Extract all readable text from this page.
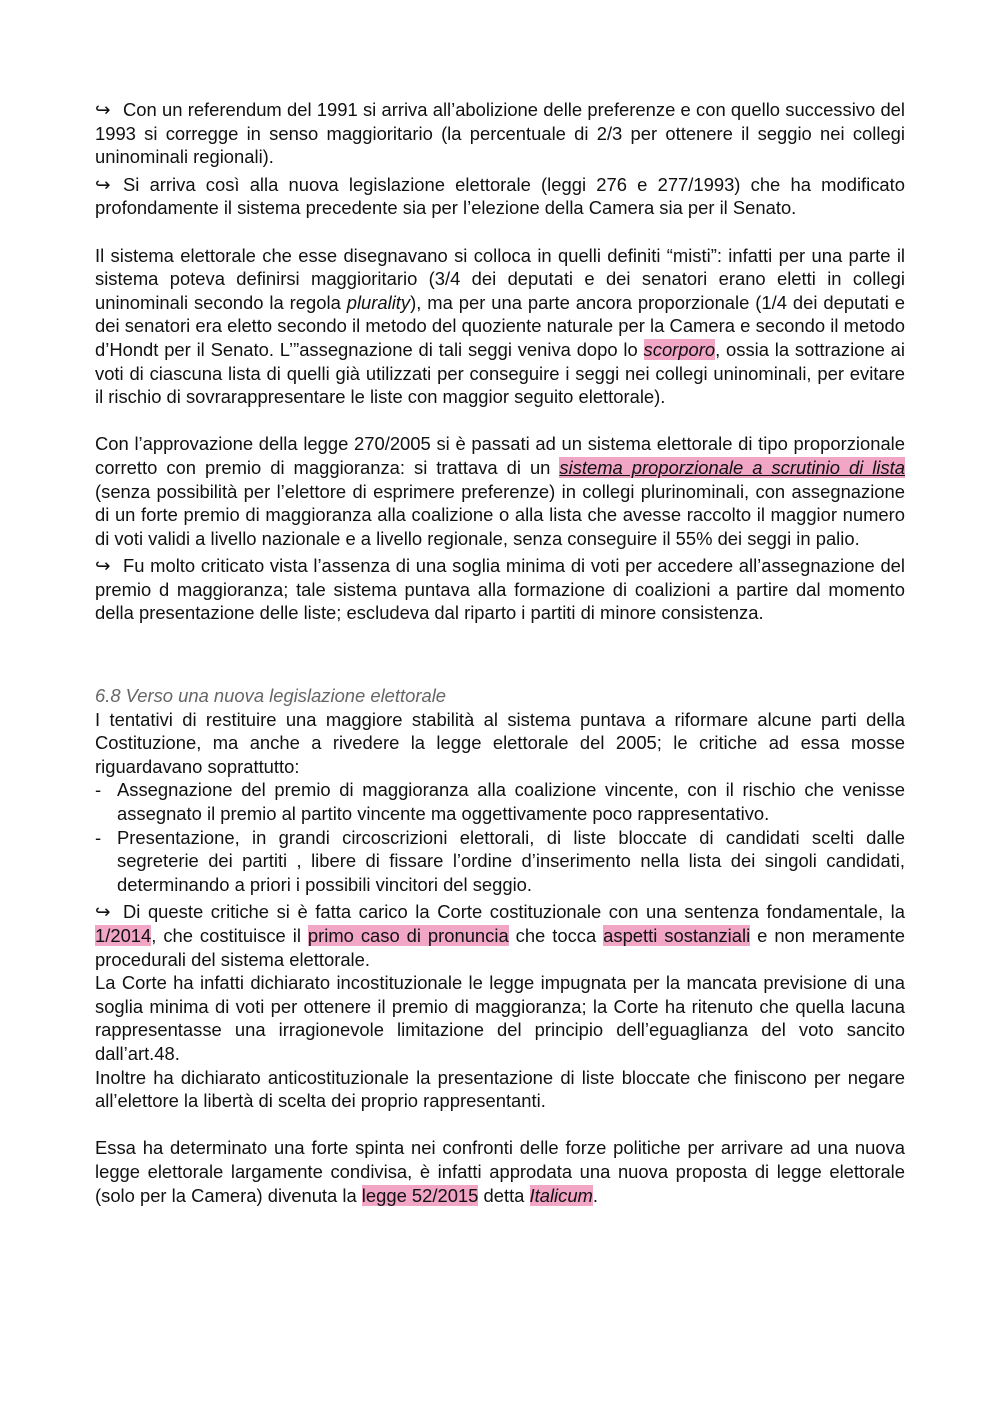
↪ Con un referendum del 1991 si arriva all’abolizione delle preferenze e con quello successivo del 1993 si corregge in senso maggioritario (la percentuale di 2/3 per ottenere il seggio nei collegi uninominali regionali).

↪ Si arriva così alla nuova legislazione elettorale (leggi 276 e 277/1993) che ha modificato profondamente il sistema precedente sia per l’elezione della Camera sia per il Senato.

Il sistema elettorale che esse disegnavano si colloca in quelli definiti “misti”: infatti per una parte il sistema poteva definirsi maggioritario (3/4 dei deputati e dei senatori erano eletti in collegi uninominali secondo la regola plurality), ma per una parte ancora proporzionale (1/4 dei deputati e dei senatori era eletto secondo il metodo del quoziente naturale per la Camera e secondo il metodo d’Hondt per il Senato. L’”assegnazione di tali seggi veniva dopo lo scorporo, ossia la sottrazione ai voti di ciascuna lista di quelli già utilizzati per conseguire i seggi nei collegi uninominali, per evitare il rischio di sovrarappresentare le liste con maggior seguito elettorale).

Con l’approvazione della legge 270/2005 si è passati ad un sistema elettorale di tipo proporzionale corretto con premio di maggioranza: si trattava di un sistema proporzionale a scrutinio di lista (senza possibilità per l’elettore di esprimere preferenze) in collegi plurinominali, con assegnazione di un forte premio di maggioranza alla coalizione o alla lista che avesse raccolto il maggior numero di voti validi a livello nazionale e a livello regionale, senza conseguire il 55% dei seggi in palio.

↪ Fu molto criticato vista l’assenza di una soglia minima di voti per accedere all’assegnazione del premio d maggioranza; tale sistema puntava alla formazione di coalizioni a partire dal momento della presentazione delle liste; escludeva dal riparto i partiti di minore consistenza.

6.8 Verso una nuova legislazione elettorale

I tentativi di restituire una maggiore stabilità al sistema puntava a riformare alcune parti della Costituzione, ma anche a rivedere la legge elettorale del 2005; le critiche ad essa mosse riguardavano soprattutto:

- Assegnazione del premio di maggioranza alla coalizione vincente, con il rischio che venisse assegnato il premio al partito vincente ma oggettivamente poco rappresentativo.
- Presentazione, in grandi circoscrizioni elettorali, di liste bloccate di candidati scelti dalle segreterie dei partiti , libere di fissare l’ordine d’inserimento nella lista dei singoli candidati, determinando a priori i possibili vincitori del seggio.

↪ Di queste critiche si è fatta carico la Corte costituzionale con una sentenza fondamentale, la 1/2014, che costituisce il primo caso di pronuncia che tocca aspetti sostanziali e non meramente procedurali del sistema elettorale.

La Corte ha infatti dichiarato incostituzionale le legge impugnata per la mancata previsione di una soglia minima di voti per ottenere il premio di maggioranza; la Corte ha ritenuto che quella lacuna rappresentasse una irragionevole limitazione del principio dell’eguaglianza del voto sancito dall’art.48.

Inoltre ha dichiarato anticostituzionale la presentazione di liste bloccate che finiscono per negare all’elettore la libertà di scelta dei proprio rappresentanti.

Essa ha determinato una forte spinta nei confronti delle forze politiche per arrivare ad una nuova legge elettorale largamente condivisa, è infatti approdata una nuova proposta di legge elettorale (solo per la Camera) divenuta la legge 52/2015 detta Italicum.
